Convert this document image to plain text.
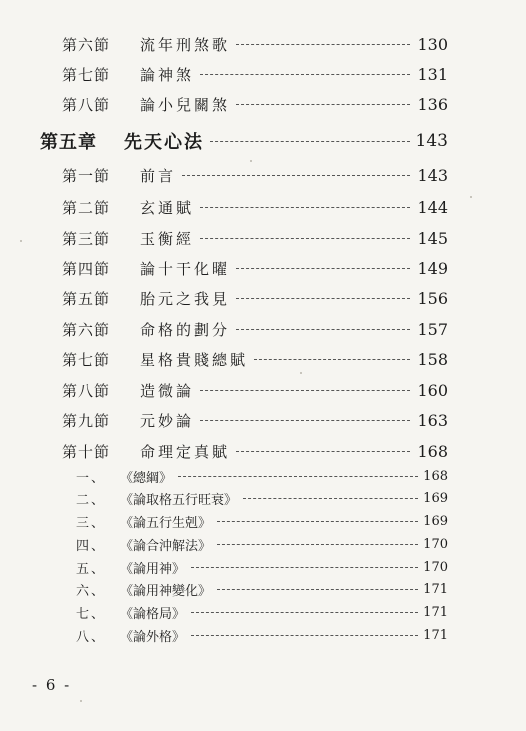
第六節	流年刑煞歌	130
第七節	論神煞	131
第八節	論小兒關煞	136
第五章	先天心法	143
第一節	前言	143
第二節	玄通賦	144
第三節	玉衡經	145
第四節	論十干化曜	149
第五節	胎元之我見	156
第六節	命格的劃分	157
第七節	星格貴賤總賦	158
第八節	造微論	160
第九節	元妙論	163
第十節	命理定真賦	168
一、	《總綱》	168
二、	《論取格五行旺衰》	169
三、	《論五行生剋》	169
四、	《論合沖解法》	170
五、	《論用神》	170
六、	《論用神變化》	171
七、	《論格局》	171
八、	《論外格》	171
- 6 -
